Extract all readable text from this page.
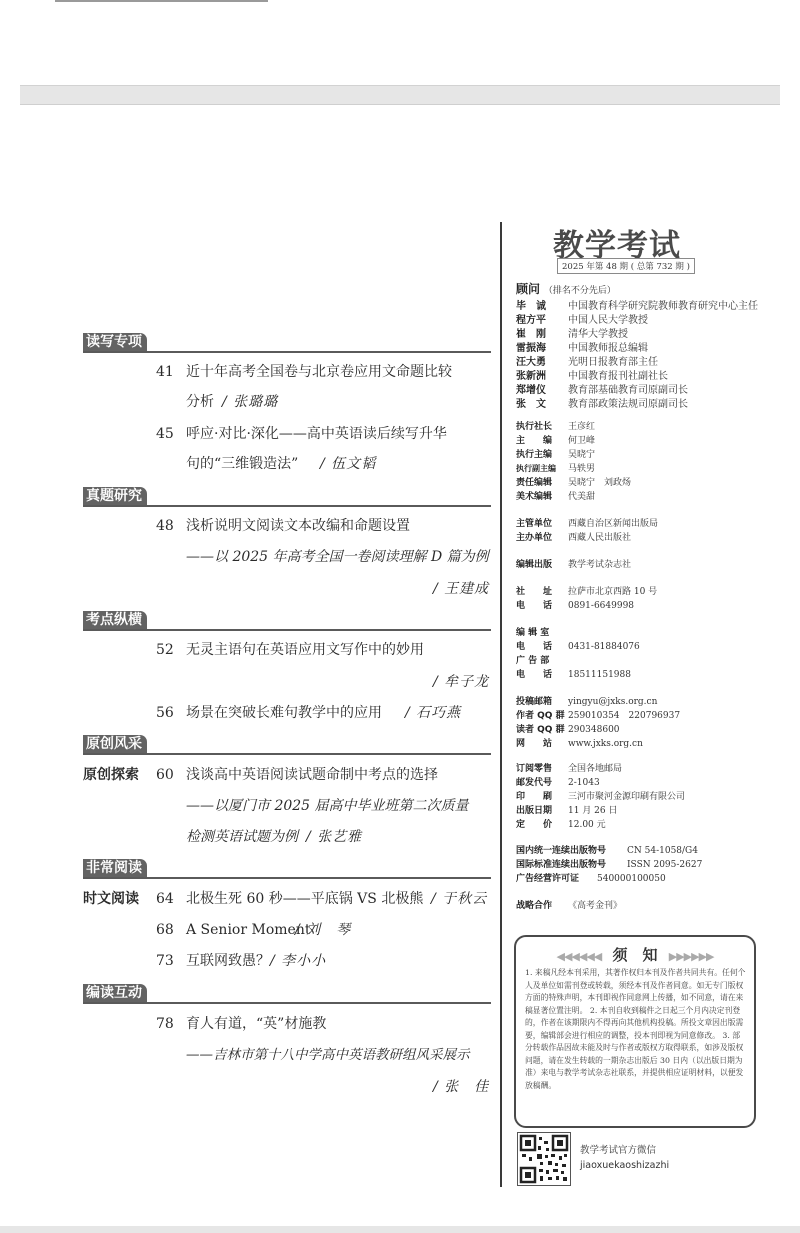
读写专项
41 近十年高考全国卷与北京卷应用文命题比较
分析 / 张璐璐
45 呼应·对比·深化——高中英语读后续写升华
句的“三维锻造法” / 伍文韬
真题研究
48 浅析说明文阅读文本改编和命题设置
——以 2025 年高考全国一卷阅读理解 D 篇为例
/ 王建成
考点纵横
52 无灵主语句在英语应用文写作中的妙用
/ 牟子龙
56 场景在突破长难句教学中的应用 / 石巧燕
原创风采
原创探索 60 浅谈高中英语阅读试题命制中考点的选择
——以厦门市 2025 届高中毕业班第二次质量
检测英语试题为例 / 张艺雅
非常阅读
时文阅读 64 北极生死 60 秒——平底锅 VS 北极熊 / 于秋云
68 A Senior Moment
/ 刘　琴
73 互联网致愚？ / 李小小
编读互动
78 育人有道，“英”材施教
——吉林市第十八中学高中英语教研组风采展示
/ 张　佳
教学考试
2025 年第 48 期 ( 总第 732 期 )
顾问 （排名不分先后）
毕　诚 中国教育科学研究院教师教育研究中心主任
程方平 中国人民大学教授
崔　刚 清华大学教授
雷振海 中国教师报总编辑
汪大勇 光明日报教育部主任
张新洲 中国教育报刊社副社长
郑增仪 教育部基础教育司原副司长
张　文 教育部政策法规司原副司长
执行社长 王彦红
主　　编 何卫峰
执行主编 吴晓宁
执行副主编 马轶男
责任编辑 吴晓宁　刘政炀
美术编辑 代美甜
主管单位 西藏自治区新闻出版局
主办单位 西藏人民出版社
编辑出版 教学考试杂志社
社　　址 拉萨市北京西路 10 号
电　　话 0891-6649998
编 辑 室
电　　话 0431-81884076
广 告 部
电　　话 18511151988
投稿邮箱 yingyu@jxks.org.cn
作者 QQ 群 259010354　220796937
读者 QQ 群 290348600
网　　站 www.jxks.org.cn
订阅零售 全国各地邮局
邮发代号 2-1043
印　　刷 三河市聚河金源印刷有限公司
出版日期 11 月 26 日
定　　价 12.00 元
国内统一连续出版物号 CN 54-1058/G4
国际标准连续出版物号 ISSN 2095-2627
广告经营许可证 540000100050
战略合作 《高考金刊》
◀◀◀◀◀◀ 须　知 ▶▶▶▶▶▶
1. 来稿凡经本刊采用，其著作权归本刊及作者共同共有。任何个人及单位如需刊登或转载，须经本刊及作者同意。如无专门版权方面的特殊声明，本刊即视作同意网上传播，如不同意，请在来稿显著位置注明。 2. 本刊自收到稿件之日起三个月内决定刊登的，作者在该期限内不得再向其他机构投稿。所投文章因出版需要，编辑部会进行相应的调整，投本刊即视为同意修改。 3. 部分转载作品因故未能及时与作者或版权方取得联系，如涉及版权问题，请在发生转载的一期杂志出版后 30 日内（以出版日期为准）来电与教学考试杂志社联系，并提供相应证明材料，以便发放稿酬。
教学考试官方微信
jiaoxuekaoshizazhi
